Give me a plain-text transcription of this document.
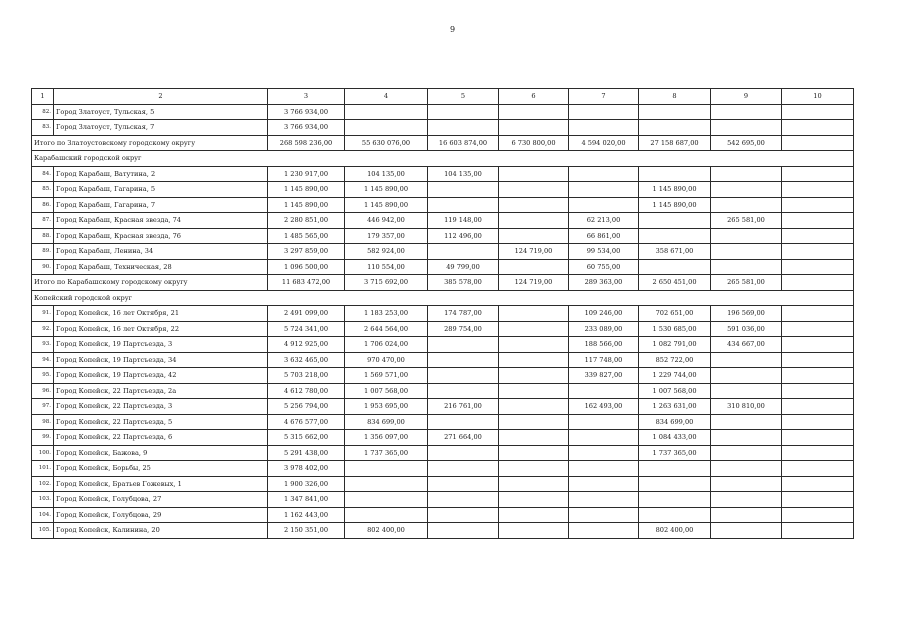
9
1	2	3	4	5	6	7	8	9	10
82.	Город Златоуст, Тульская, 5	3 766 934,00							
83.	Город Златоуст, Тульская, 7	3 766 934,00							
Итого по Златоустовскому городскому округу		268 598 236,00	55 630 076,00	16 603 874,00	6 730 800,00	4 594 020,00	27 158 687,00	542 695,00	
Карабашский городской округ									
84.	Город Карабаш, Ватутина, 2	1 230 917,00	104 135,00	104 135,00					
85.	Город Карабаш, Гагарина, 5	1 145 890,00	1 145 890,00				1 145 890,00		
86.	Город Карабаш, Гагарина, 7	1 145 890,00	1 145 890,00				1 145 890,00		
87.	Город Карабаш, Красная звезда, 74	2 280 851,00	446 942,00	119 148,00		62 213,00		265 581,00	
88.	Город Карабаш, Красная звезда, 76	1 485 565,00	179 357,00	112 496,00		66 861,00			
89.	Город Карабаш, Ленина, 34	3 297 859,00	582 924,00		124 719,00	99 534,00	358 671,00		
90.	Город Карабаш, Техническая, 28	1 096 500,00	110 554,00	49 799,00		60 755,00			
Итого по Карабашскому городскому округу		11 683 472,00	3 715 692,00	385 578,00	124 719,00	289 363,00	2 650 451,00	265 581,00	
Копейский городской округ									
91.	Город Копейск, 16 лет Октября, 21	2 491 099,00	1 183 253,00	174 787,00		109 246,00	702 651,00	196 569,00	
92.	Город Копейск, 16 лет Октября, 22	5 724 341,00	2 644 564,00	289 754,00		233 089,00	1 530 685,00	591 036,00	
93.	Город Копейск, 19 Партсъезда, 3	4 912 925,00	1 706 024,00			188 566,00	1 082 791,00	434 667,00	
94.	Город Копейск, 19 Партсъезда, 34	3 632 465,00	970 470,00			117 748,00	852 722,00		
95.	Город Копейск, 19 Партсъезда, 42	5 703 218,00	1 569 571,00			339 827,00	1 229 744,00		
96.	Город Копейск, 22 Партсъезда, 2а	4 612 780,00	1 007 568,00				1 007 568,00		
97.	Город Копейск, 22 Партсъезда, 3	5 256 794,00	1 953 695,00	216 761,00		162 493,00	1 263 631,00	310 810,00	
98.	Город Копейск, 22 Партсъезда, 5	4 676 577,00	834 699,00				834 699,00		
99.	Город Копейск, 22 Партсъезда, 6	5 315 662,00	1 356 097,00	271 664,00			1 084 433,00		
100.	Город Копейск, Бажова, 9	5 291 438,00	1 737 365,00				1 737 365,00		
101.	Город Копейск, Борьбы, 25	3 978 402,00							
102.	Город Копейск, Братьев Гожевых, 1	1 900 326,00							
103.	Город Копейск, Голубцова, 27	1 347 841,00							
104.	Город Копейск, Голубцова, 29	1 162 443,00							
105.	Город Копейск, Калинина, 20	2 150 351,00	802 400,00				802 400,00		
